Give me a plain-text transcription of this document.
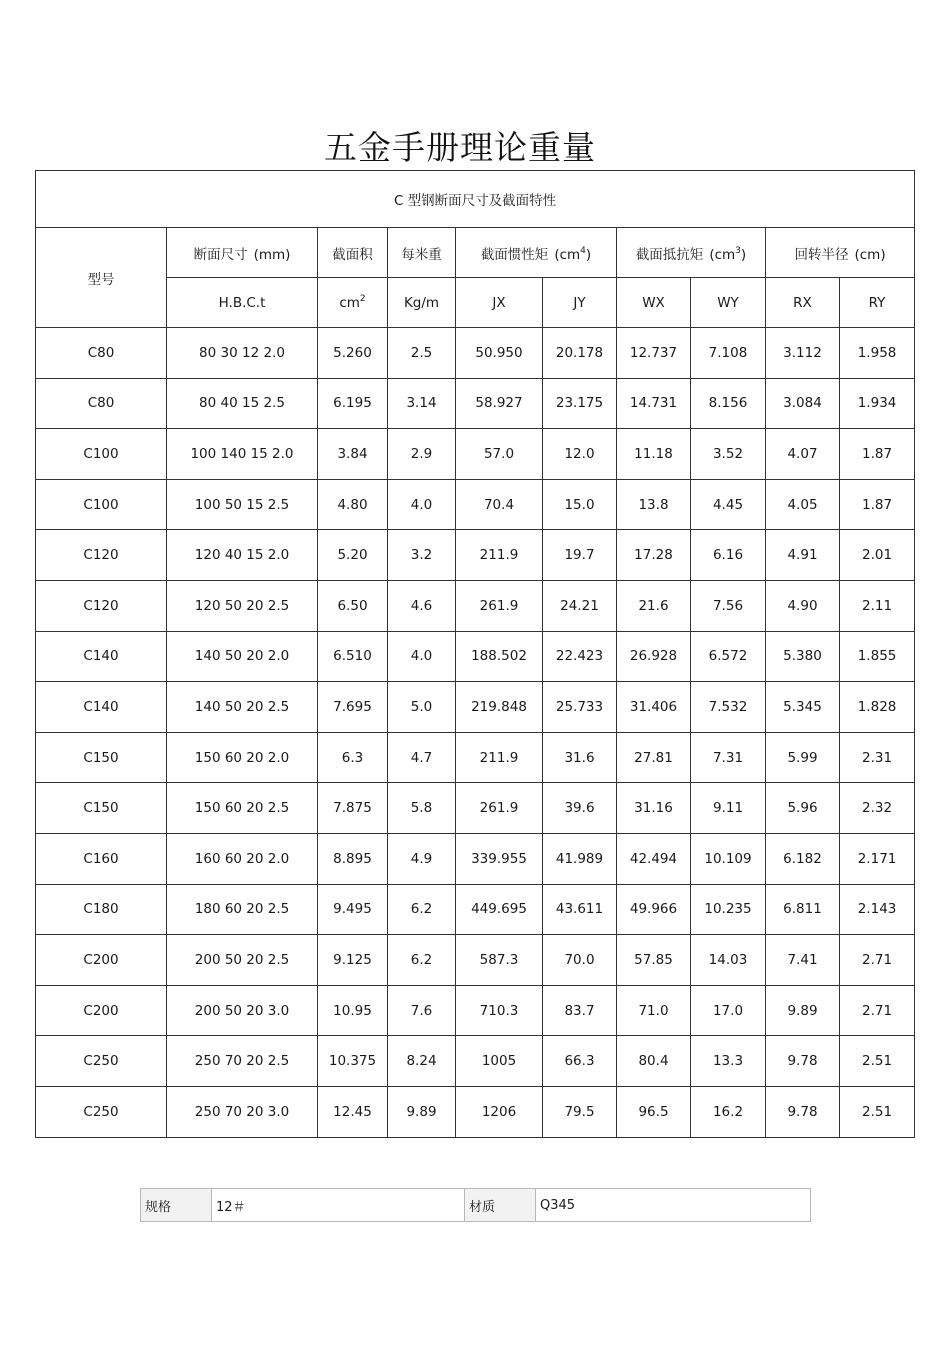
五金手册理论重量
C 型钢断面尺寸及截面特性									
型号	断面尺寸 (mm)	截面积	每米重	截面惯性矩 $(cm^4)$		截面抵抗矩 $(cm^3)$		回转半径 (cm)	
	H.B.C.t	$cm^2$	Kg/m	JX	JY	WX	WY	RX	RY
C80	80 30 12 2.0	5.260	2.5	50.950	20.178	12.737	7.108	3.112	1.958
C80	80 40 15 2.5	6.195	3.14	58.927	23.175	14.731	8.156	3.084	1.934
C100	100 140 15 2.0	3.84	2.9	57.0	12.0	11.18	3.52	4.07	1.87
C100	100 50 15 2.5	4.80	4.0	70.4	15.0	13.8	4.45	4.05	1.87
C120	120 40 15 2.0	5.20	3.2	211.9	19.7	17.28	6.16	4.91	2.01
C120	120 50 20 2.5	6.50	4.6	261.9	24.21	21.6	7.56	4.90	2.11
C140	140 50 20 2.0	6.510	4.0	188.502	22.423	26.928	6.572	5.380	1.855
C140	140 50 20 2.5	7.695	5.0	219.848	25.733	31.406	7.532	5.345	1.828
C150	150 60 20 2.0	6.3	4.7	211.9	31.6	27.81	7.31	5.99	2.31
C150	150 60 20 2.5	7.875	5.8	261.9	39.6	31.16	9.11	5.96	2.32
C160	160 60 20 2.0	8.895	4.9	339.955	41.989	42.494	10.109	6.182	2.171
C180	180 60 20 2.5	9.495	6.2	449.695	43.611	49.966	10.235	6.811	2.143
C200	200 50 20 2.5	9.125	6.2	587.3	70.0	57.85	14.03	7.41	2.71
C200	200 50 20 3.0	10.95	7.6	710.3	83.7	71.0	17.0	9.89	2.71
C250	250 70 20 2.5	10.375	8.24	1005	66.3	80.4	13.3	9.78	2.51
C250	250 70 20 3.0	12.45	9.89	1206	79.5	96.5	16.2	9.78	2.51
规格	12＃	材质	Q345
